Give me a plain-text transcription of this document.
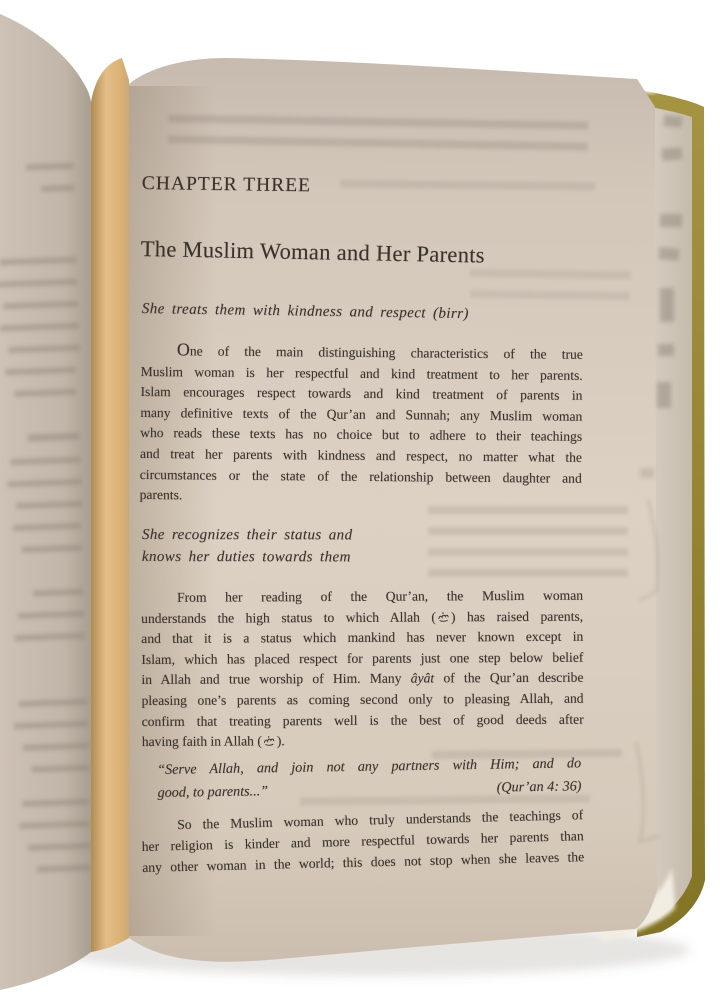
CHAPTER THREE
The Muslim Woman and Her Parents
She treats them with kindness and respect (birr)
One of the main distinguishing characteristics of the true
Muslim woman is her respectful and kind treatment to her parents.
Islam encourages respect towards and kind treatment of parents in
many definitive texts of the Qur’an and Sunnah; any Muslim woman
who reads these texts has no choice but to adhere to their teachings
and treat her parents with kindness and respect, no matter what the
circumstances or the state of the relationship between daughter and
parents.
She recognizes their status and
knows her duties towards them
From her reading of the Qur’an, the Muslim woman
understands the high status to which Allah ( ) has raised parents,
and that it is a status which mankind has never known except in
Islam, which has placed respect for parents just one step below belief
in Allah and true worship of Him. Many âyât of the Qur’an describe
pleasing one’s parents as coming second only to pleasing Allah, and
confirm that treating parents well is the best of good deeds after
having faith in Allah ( ).
“Serve Allah, and join not any partners with Him; and do
good, to parents...”	(Qur’an 4: 36)
So the Muslim woman who truly understands the teachings of
her religion is kinder and more respectful towards her parents than
any other woman in the world; this does not stop when she leaves the
